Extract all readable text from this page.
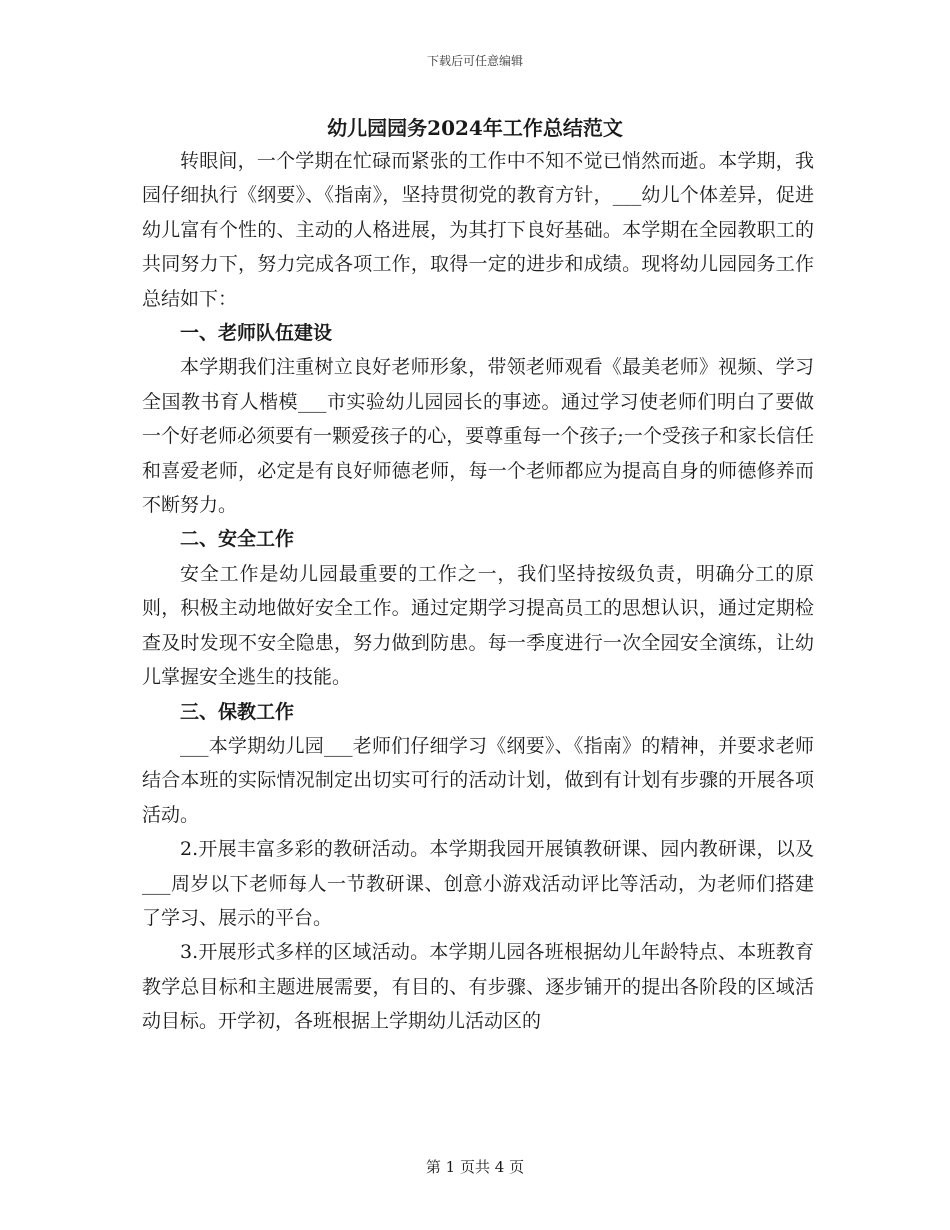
下载后可任意编辑
幼儿园园务2024年工作总结范文

转眼间，一个学期在忙碌而紧张的工作中不知不觉已悄然而逝。本学期，我园仔细执行《纲要》、《指南》，坚持贯彻党的教育方针，___幼儿个体差异，促进幼儿富有个性的、主动的人格进展，为其打下良好基础。本学期在全园教职工的共同努力下，努力完成各项工作，取得一定的进步和成绩。现将幼儿园园务工作总结如下：

一、老师队伍建设

本学期我们注重树立良好老师形象，带领老师观看《最美老师》视频、学习全国教书育人楷模___市实验幼儿园园长的事迹。通过学习使老师们明白了要做一个好老师必须要有一颗爱孩子的心，要尊重每一个孩子;一个受孩子和家长信任和喜爱老师，必定是有良好师德老师，每一个老师都应为提高自身的师德修养而不断努力。

二、安全工作

安全工作是幼儿园最重要的工作之一，我们坚持按级负责，明确分工的原则，积极主动地做好安全工作。通过定期学习提高员工的思想认识，通过定期检查及时发现不安全隐患，努力做到防患。每一季度进行一次全园安全演练，让幼儿掌握安全逃生的技能。

三、保教工作

___本学期幼儿园___老师们仔细学习《纲要》、《指南》的精神，并要求老师结合本班的实际情况制定出切实可行的活动计划，做到有计划有步骤的开展各项活动。

2.开展丰富多彩的教研活动。本学期我园开展镇教研课、园内教研课，以及___周岁以下老师每人一节教研课、创意小游戏活动评比等活动，为老师们搭建了学习、展示的平台。

3.开展形式多样的区域活动。本学期儿园各班根据幼儿年龄特点、本班教育教学总目标和主题进展需要，有目的、有步骤、逐步铺开的提出各阶段的区域活动目标。开学初，各班根据上学期幼儿活动区的

第 1 页共 4 页
